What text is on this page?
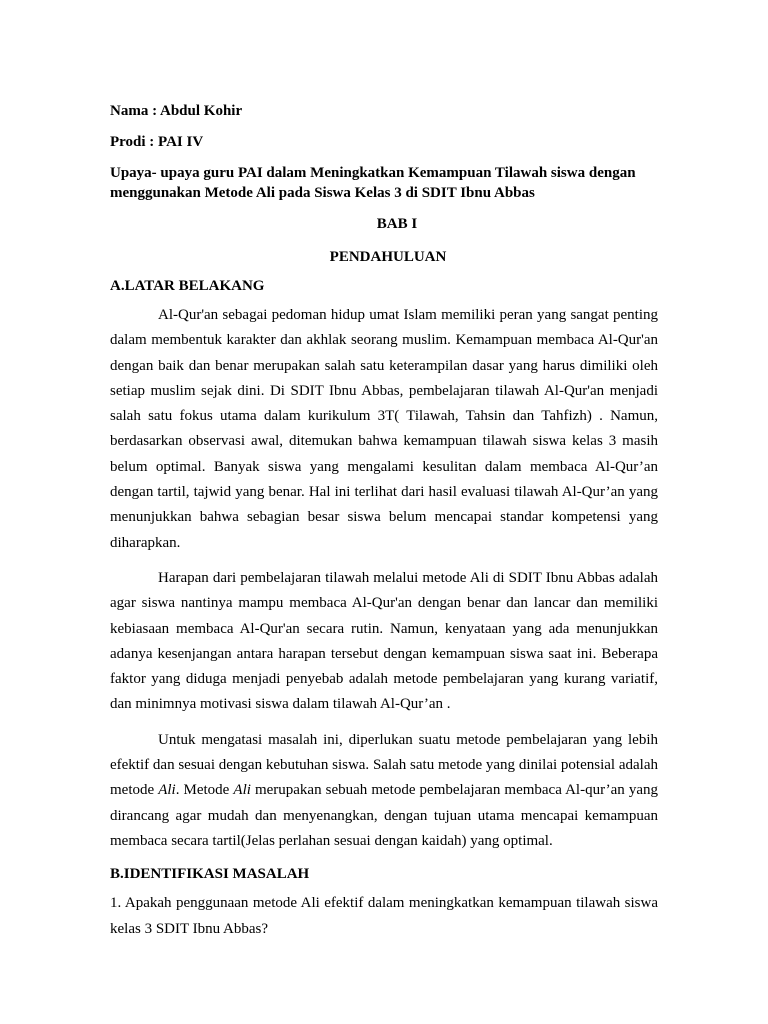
Nama : Abdul Kohir

Prodi : PAI IV

Upaya- upaya guru PAI dalam Meningkatkan Kemampuan Tilawah siswa dengan menggunakan Metode Ali pada Siswa Kelas 3 di SDIT Ibnu Abbas

BAB I

PENDAHULUAN

A.LATAR BELAKANG

Al-Qur'an sebagai pedoman hidup umat Islam memiliki peran yang sangat penting dalam membentuk karakter dan akhlak seorang muslim. Kemampuan membaca Al-Qur'an dengan baik dan benar merupakan salah satu keterampilan dasar yang harus dimiliki oleh setiap muslim sejak dini. Di SDIT Ibnu Abbas, pembelajaran tilawah Al-Qur'an menjadi salah satu fokus utama dalam kurikulum 3T( Tilawah, Tahsin dan Tahfizh) . Namun, berdasarkan observasi awal, ditemukan bahwa kemampuan tilawah siswa kelas 3 masih belum optimal. Banyak siswa yang mengalami kesulitan dalam membaca Al-Qur’an dengan tartil, tajwid yang benar. Hal ini terlihat dari hasil evaluasi tilawah Al-Qur’an yang menunjukkan bahwa sebagian besar siswa belum mencapai standar kompetensi yang diharapkan.

Harapan dari pembelajaran tilawah melalui metode Ali di SDIT Ibnu Abbas adalah agar siswa nantinya mampu membaca Al-Qur'an dengan benar dan lancar dan memiliki kebiasaan membaca Al-Qur'an secara rutin. Namun, kenyataan yang ada menunjukkan adanya kesenjangan antara harapan tersebut dengan kemampuan siswa saat ini. Beberapa faktor yang diduga menjadi penyebab adalah metode pembelajaran yang kurang variatif, dan minimnya motivasi siswa dalam tilawah Al-Qur’an .

Untuk mengatasi masalah ini, diperlukan suatu metode pembelajaran yang lebih efektif dan sesuai dengan kebutuhan siswa. Salah satu metode yang dinilai potensial adalah metode Ali. Metode Ali merupakan sebuah metode pembelajaran membaca Al-qur’an yang dirancang agar mudah dan menyenangkan, dengan tujuan utama mencapai kemampuan membaca secara tartil(Jelas perlahan sesuai dengan kaidah) yang optimal.

B.IDENTIFIKASI MASALAH

1. Apakah penggunaan metode Ali efektif dalam meningkatkan kemampuan tilawah siswa kelas 3 SDIT Ibnu Abbas?
